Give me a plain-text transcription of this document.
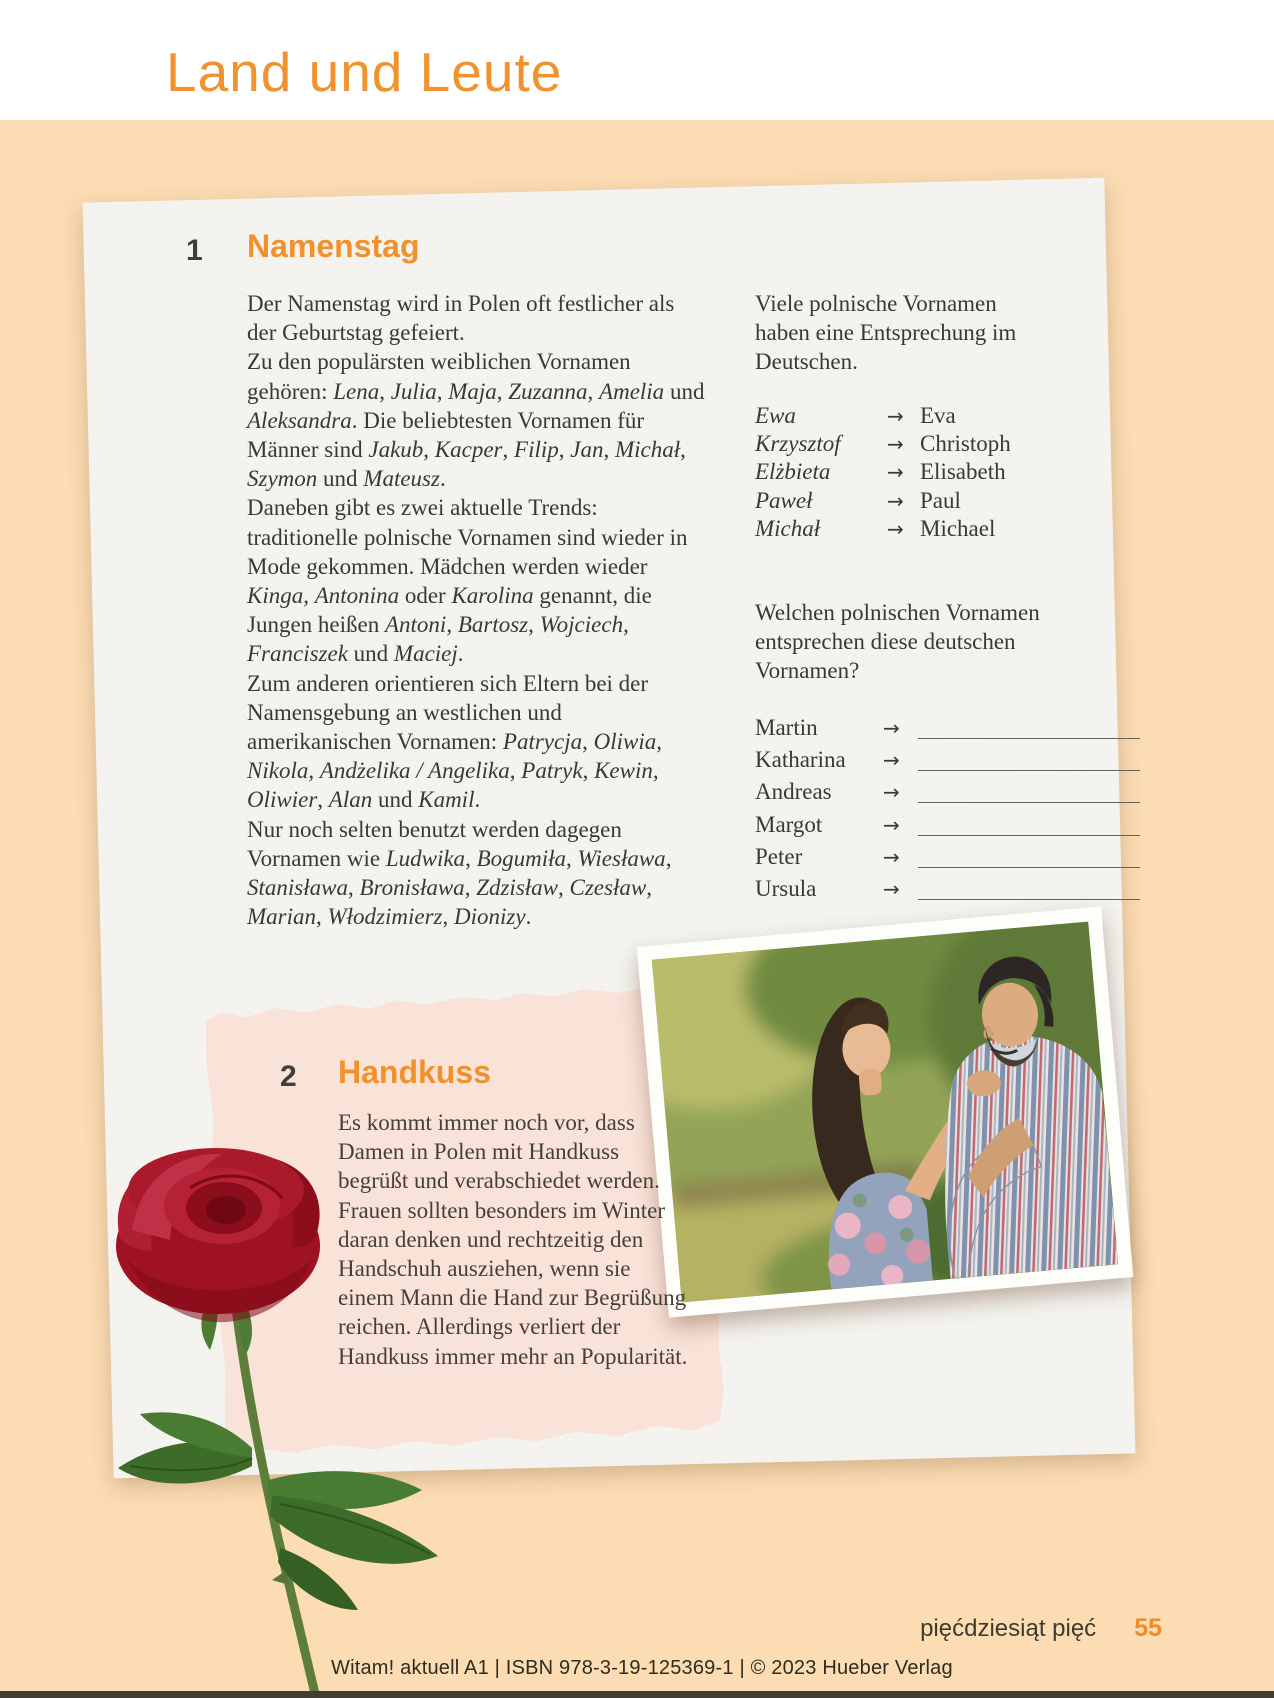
Land und Leute
1 Namenstag

Der Namenstag wird in Polen oft festlicher als der Geburtstag gefeiert.

Zu den populärsten weiblichen Vornamen gehören: Lena, Julia, Maja, Zuzanna, Amelia und Aleksandra. Die beliebtesten Vornamen für Männer sind Jakub, Kacper, Filip, Jan, Michał, Szymon und Mateusz.

Daneben gibt es zwei aktuelle Trends: traditionelle polnische Vornamen sind wieder in Mode gekommen. Mädchen werden wieder Kinga, Antonina oder Karolina genannt, die Jungen heißen Antoni, Bartosz, Wojciech, Franciszek und Maciej.

Zum anderen orientieren sich Eltern bei der Namensgebung an westlichen und amerikanischen Vornamen: Patrycja, Oliwia, Nikola, Andżelika / Angelika, Patryk, Kewin, Oliwier, Alan und Kamil.

Nur noch selten benutzt werden dagegen Vornamen wie Ludwika, Bogumiła, Wiesława, Stanisława, Bronisława, Zdzisław, Czesław, Marian, Włodzimierz, Dionizy.

Viele polnische Vornamen haben eine Entsprechung im Deutschen.
Ewa	→ Eva
Krzysztof	→ Christoph
Elżbieta	→ Elisabeth
Paweł	→ Paul
Michał	→ Michael
Welchen polnischen Vornamen entsprechen diese deutschen Vornamen?
Martin	→
Katharina	→
Andreas	→
Margot	→
Peter	→
Ursula	→
2 Handkuss
Es kommt immer noch vor, dass Damen in Polen mit Handkuss begrüßt und verabschiedet werden. Frauen sollten besonders im Winter daran denken und rechtzeitig den Handschuh ausziehen, wenn sie einem Mann die Hand zur Begrüßung reichen. Allerdings verliert der Handkuss immer mehr an Popularität.
Witam! aktuell A1 | ISBN 978-3-19-125369-1 | © 2023 Hueber Verlag
pięćdziesiąt pięć 55
